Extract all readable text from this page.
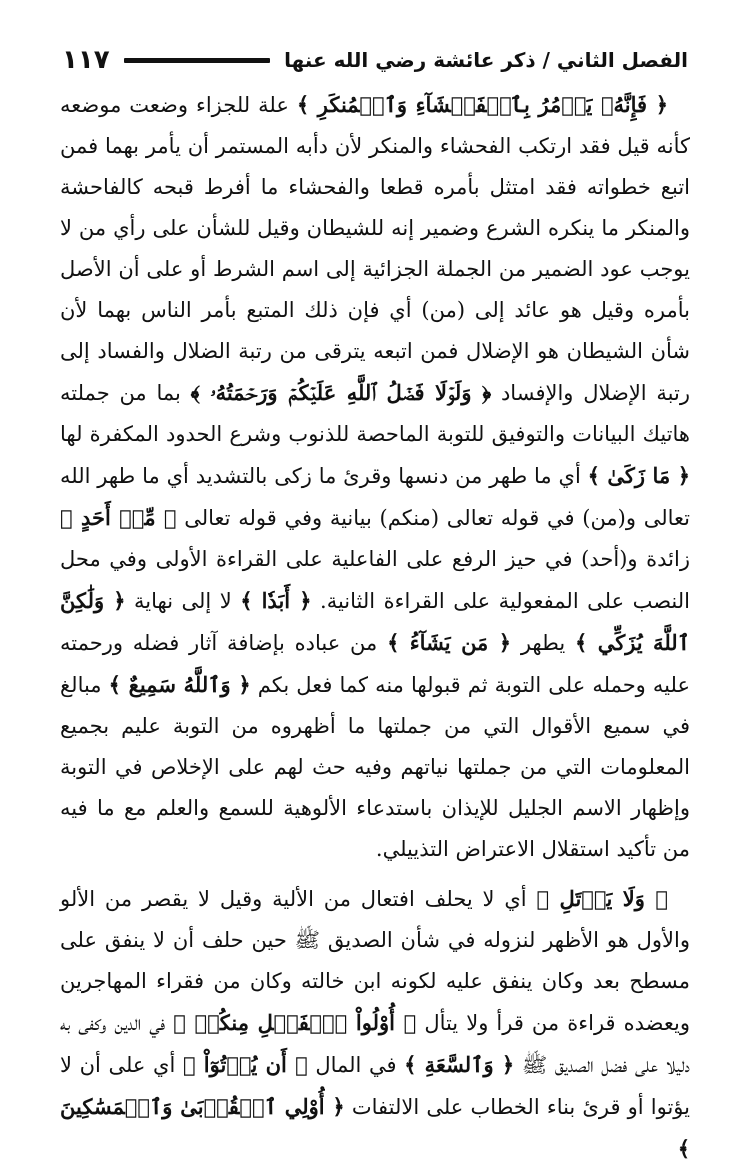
الفصل الثاني / ذكر عائشة رضي الله عنها
١١٧

﴿ فَإِنَّهُۥ يَأۡمُرُ بِٱلۡفَحۡشَآءِ وَٱلۡمُنكَرِ ﴾ علة للجزاء وضعت موضعه كأنه قيل فقد ارتكب الفحشاء والمنكر لأن دأبه المستمر أن يأمر بهما فمن اتبع خطواته فقد امتثل بأمره قطعا والفحشاء ما أفرط قبحه كالفاحشة والمنكر ما ينكره الشرع وضمير إنه للشيطان وقيل للشأن على رأي من لا يوجب عود الضمير من الجملة الجزائية إلى اسم الشرط أو على أن الأصل بأمره وقيل هو عائد إلى (من) أي فإن ذلك المتبع بأمر الناس بهما لأن شأن الشيطان هو الإضلال فمن اتبعه يترقى من رتبة الضلال والفساد إلى رتبة الإضلال والإفساد ﴿ وَلَوۡلَا فَضۡلُ ٱللَّهِ عَلَيۡكُمۡ وَرَحۡمَتُهُۥ ﴾ بما من جملته هاتيك البيانات والتوفيق للتوبة الماحصة للذنوب وشرع الحدود المكفرة لها ﴿ مَا زَكَىٰ ﴾ أي ما طهر من دنسها وقرئ ما زكى بالتشديد أي ما طهر الله تعالى و(من) في قوله تعالى (منكم) بيانية وفي قوله تعالى ﴿ مِّنۡ أَحَدٍ ﴾ زائدة و(أحد) في حيز الرفع على الفاعلية على القراءة الأولى وفي محل النصب على المفعولية على القراءة الثانية. ﴿ أَبَدٗا ﴾ لا إلى نهاية ﴿ وَلَٰكِنَّ ٱللَّهَ يُزَكِّي ﴾ يطهر ﴿ مَن يَشَآءُ ﴾ من عباده بإضافة آثار فضله ورحمته عليه وحمله على التوبة ثم قبولها منه كما فعل بكم ﴿ وَٱللَّهُ سَمِيعٌ ﴾ مبالغ في سميع الأقوال التي من جملتها ما أظهروه من التوبة عليم بجميع المعلومات التي من جملتها نياتهم وفيه حث لهم على الإخلاص في التوبة وإظهار الاسم الجليل للإيذان باستدعاء الألوهية للسمع والعلم مع ما فيه من تأكيد استقلال الاعتراض التذييلي.

﴿ وَلَا يَأۡتَلِ ﴾ أي لا يحلف افتعال من الألية وقيل لا يقصر من الألو والأول هو الأظهر لنزوله في شأن الصديق ﷺ حين حلف أن لا ينفق على مسطح بعد وكان ينفق عليه لكونه ابن خالته وكان من فقراء المهاجرين ويعضده قراءة من قرأ ولا يتأل ﴿ أُوْلُواْ ٱلۡفَضۡلِ مِنكُمۡ ﴾ في الدين وكفى به دليلا على فضل الصديق ﷺ ﴿ وَٱلسَّعَةِ ﴾ في المال ﴿ أَن يُؤۡتُوٓاْ ﴾ أي على أن لا يؤتوا أو قرئ بناء الخطاب على الالتفات ﴿ أُوْلِي ٱلۡقُرۡبَىٰ وَٱلۡمَسَٰكِينَ ﴾
